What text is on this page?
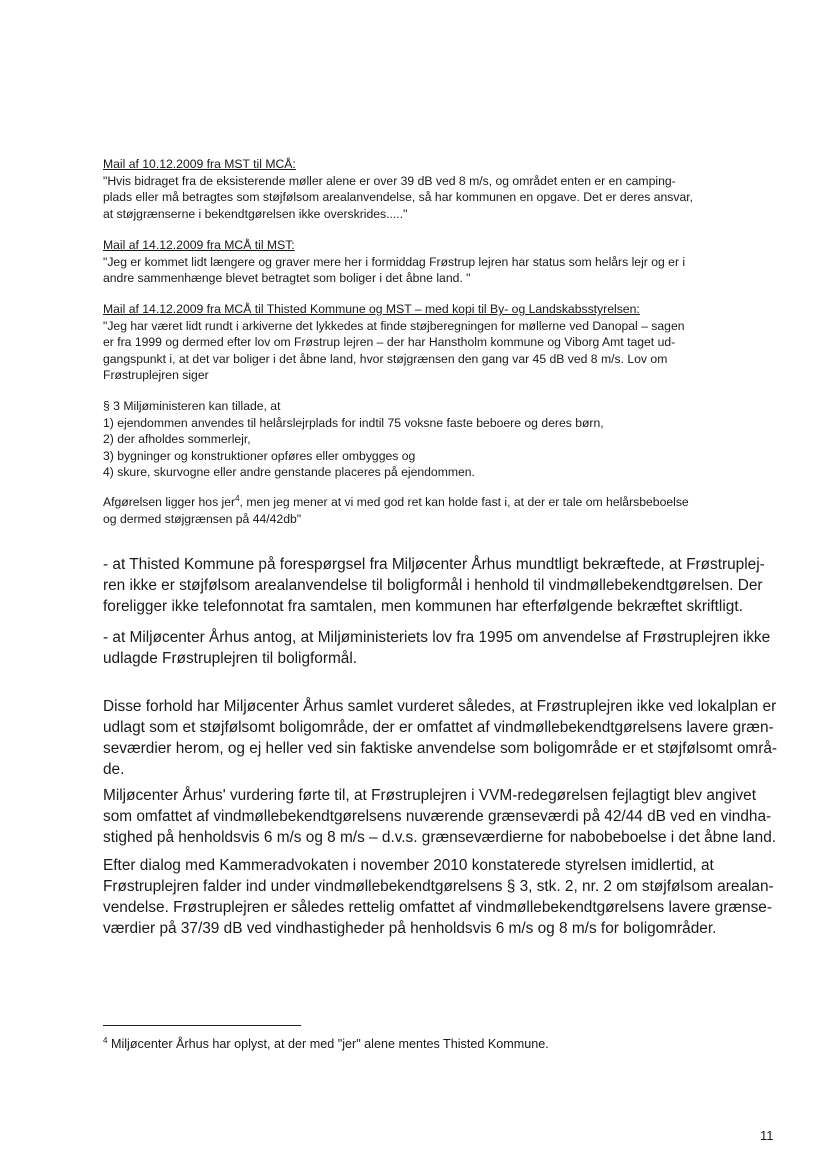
Mail af 10.12.2009 fra MST til MCÅ:
"Hvis bidraget fra de eksisterende møller alene er over 39 dB ved 8 m/s, og området enten er en camping-
plads eller må betragtes som støjfølsom arealanvendelse, så har kommunen en opgave. Det er deres ansvar,
at støjgrænserne i bekendtgørelsen ikke overskrides....."
Mail af 14.12.2009 fra MCÅ til MST:
"Jeg er kommet lidt længere og graver mere her i formiddag Frøstrup lejren har status som helårs lejr og er i
andre sammenhænge blevet betragtet som boliger i det åbne land. "
Mail af 14.12.2009 fra MCÅ til Thisted Kommune og MST – med kopi til By- og Landskabsstyrelsen:
"Jeg har været lidt rundt i arkiverne det lykkedes at finde støjberegningen for møllerne ved Danopal – sagen
er fra 1999 og dermed efter lov om Frøstrup lejren – der har Hanstholm kommune og Viborg Amt taget ud-
gangspunkt i, at det var boliger i det åbne land, hvor støjgrænsen den gang var 45 dB ved 8 m/s. Lov om
Frøstruplejren siger
§ 3 Miljøministeren kan tillade, at
1) ejendommen anvendes til helårslejrplads for indtil 75 voksne faste beboere og deres børn,
2) der afholdes sommerlejr,
3) bygninger og konstruktioner opføres eller ombygges og
4) skure, skurvogne eller andre genstande placeres på ejendommen.
Afgørelsen ligger hos jer$^4$, men jeg mener at vi med god ret kan holde fast i, at der er tale om helårsbeboelse
og dermed støjgrænsen på 44/42db"
- at Thisted Kommune på forespørgsel fra Miljøcenter Århus mundtligt bekræftede, at Frøstruplej-
ren ikke er støjfølsom arealanvendelse til boligformål i henhold til vindmøllebekendtgørelsen. Der
foreligger ikke telefonnotat fra samtalen, men kommunen har efterfølgende bekræftet skriftligt.
- at Miljøcenter Århus antog, at Miljøministeriets lov fra 1995 om anvendelse af Frøstruplejren ikke
udlagde Frøstruplejren til boligformål.
Disse forhold har Miljøcenter Århus samlet vurderet således, at Frøstruplejren ikke ved lokalplan er
udlagt som et støjfølsomt boligområde, der er omfattet af vindmøllebekendtgørelsens lavere græn-
seværdier herom, og ej heller ved sin faktiske anvendelse som boligområde er et støjfølsomt områ-
de.
Miljøcenter Århus' vurdering førte til, at Frøstruplejren i VVM-redegørelsen fejlagtigt blev angivet
som omfattet af vindmøllebekendtgørelsens nuværende grænseværdi på 42/44 dB ved en vindha-
stighed på henholdsvis 6 m/s og 8 m/s – d.v.s. grænseværdierne for nabobeboelse i det åbne land.
Efter dialog med Kammeradvokaten i november 2010 konstaterede styrelsen imidlertid, at
Frøstruplejren falder ind under vindmøllebekendtgørelsens § 3, stk. 2, nr. 2 om støjfølsom arealan-
vendelse. Frøstruplejren er således rettelig omfattet af vindmøllebekendtgørelsens lavere grænse-
værdier på 37/39 dB ved vindhastigheder på henholdsvis 6 m/s og 8 m/s for boligområder.
$^4$ Miljøcenter Århus har oplyst, at der med "jer" alene mentes Thisted Kommune.
11
